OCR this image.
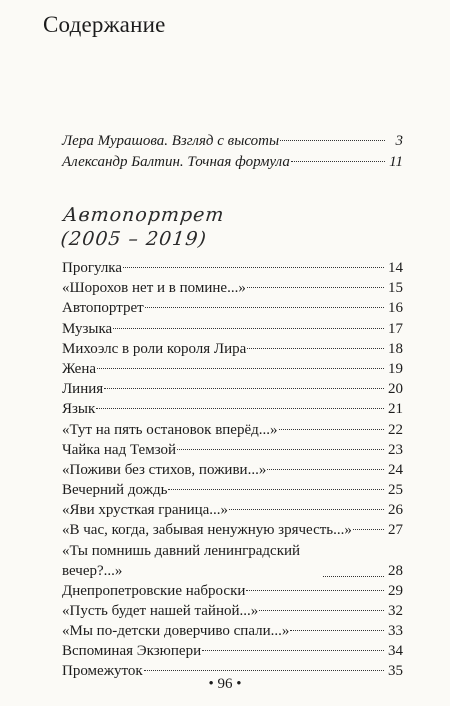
Содержание
Лера Мурашова. Взгляд с высоты	3
Александр Балтин. Точная формула	11
Автопортрет
(2005 – 2019)
Прогулка	14
«Шорохов нет и в помине...»	15
Автопортрет	16
Музыка	17
Михоэлс в роли короля Лира	18
Жена	19
Линия	20
Язык	21
«Тут на пять остановок вперёд...»	22
Чайка над Темзой	23
«Поживи без стихов, поживи...»	24
Вечерний дождь	25
«Яви хрусткая граница...»	26
«В час, когда, забывая ненужную зрячесть...» 27
«Ты помнишь давний ленинградский вечер?...»	28
Днепропетровские наброски	29
«Пусть будет нашей тайной...»	32
«Мы по-детски доверчиво спали...»	33
Вспоминая Экзюпери	34
Промежуток	35
• 96 •
